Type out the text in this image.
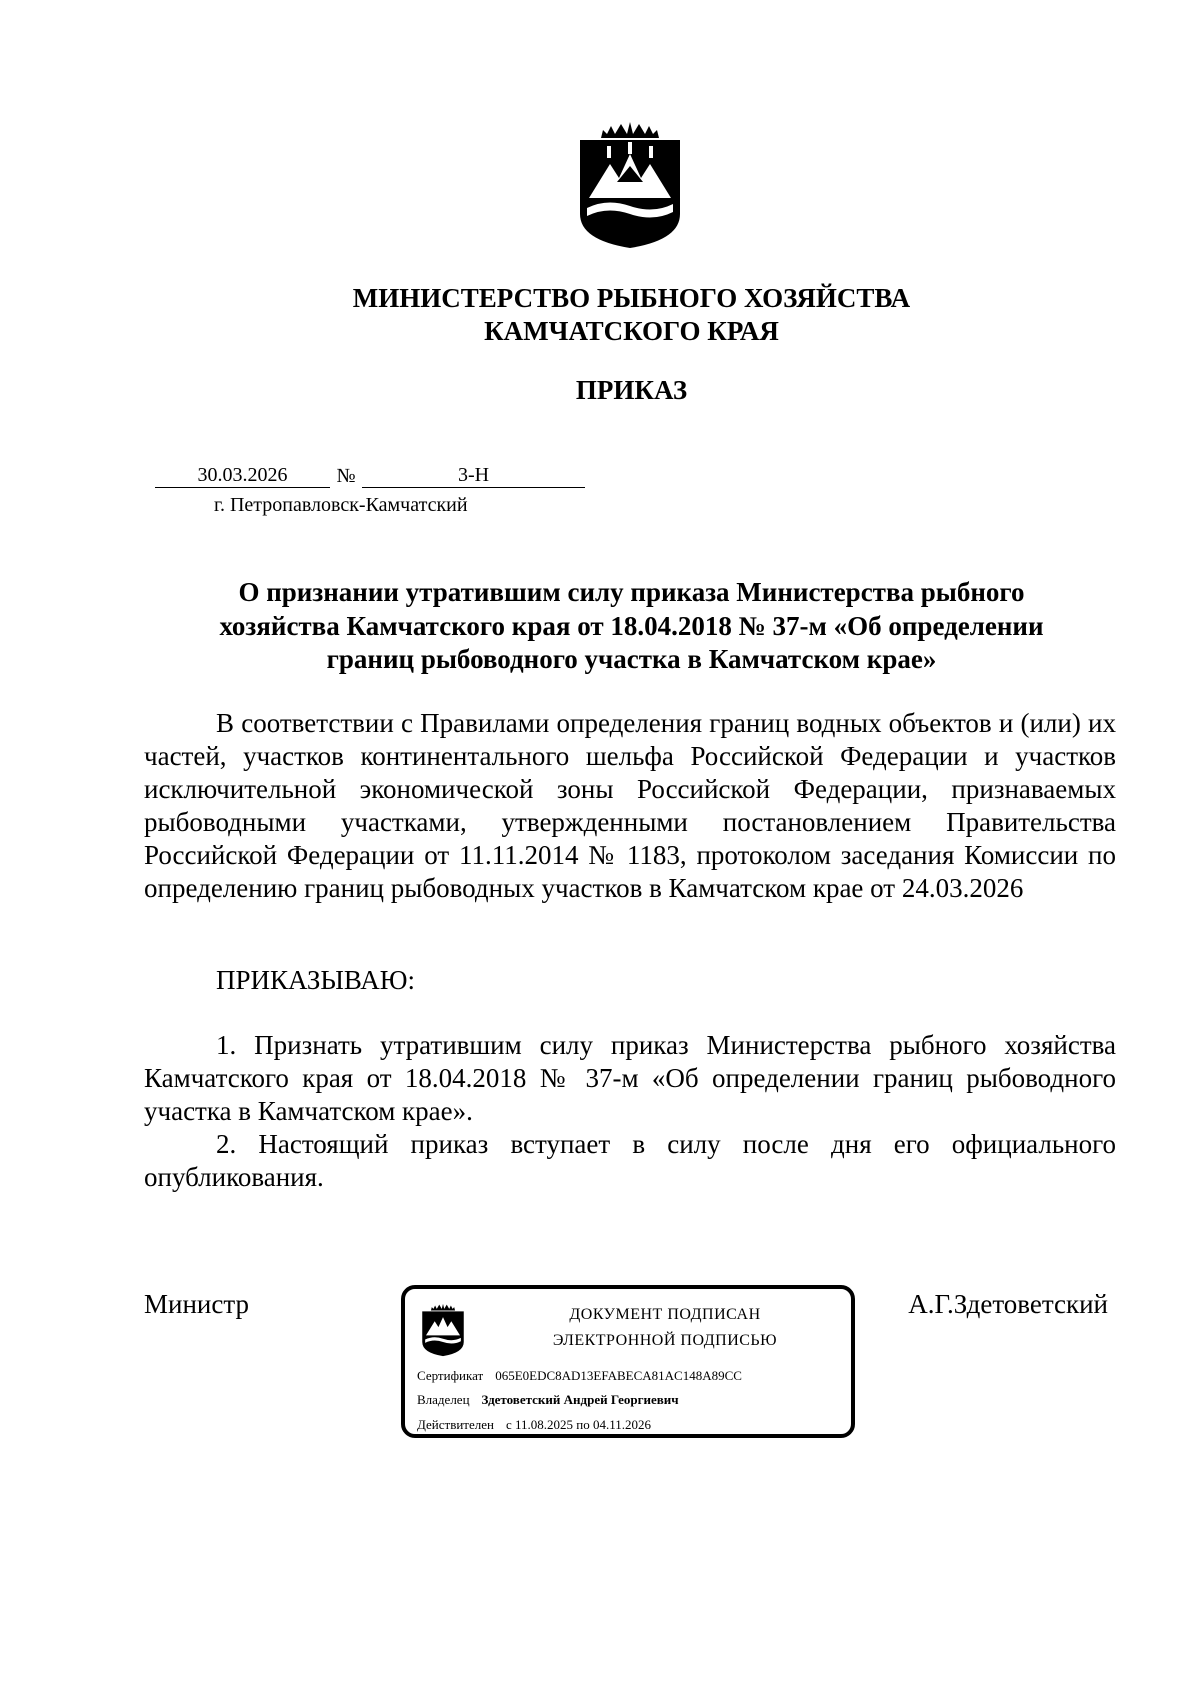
МИНИСТЕРСТВО РЫБНОГО ХОЗЯЙСТВА
КАМЧАТСКОГО КРАЯ
ПРИКАЗ
30.03.2026	№	3-Н
г. Петропавловск-Камчатский
О признании утратившим силу приказа Министерства рыбного
хозяйства Камчатского края от 18.04.2018 № 37-м «Об определении
границ рыбоводного участка в Камчатском крае»
В соответствии с Правилами определения границ водных объектов и (или) их частей, участков континентального шельфа Российской Федерации и участков исключительной экономической зоны Российской Федерации, признаваемых рыбоводными участками, утвержденными постановлением Правительства Российской Федерации от 11.11.2014 № 1183, протоколом заседания Комиссии по определению границ рыбоводных участков в Камчатском крае от 24.03.2026
ПРИКАЗЫВАЮ:
1. Признать утратившим силу приказ Министерства рыбного хозяйства Камчатского края от 18.04.2018 № 37-м «Об определении границ рыбоводного участка в Камчатском крае».
2. Настоящий приказ вступает в силу после дня его официального опубликования.
Министр	ДОКУМЕНТ ПОДПИСАН
ЭЛЕКТРОННОЙ ПОДПИСЬЮ
Сертификат 065E0EDC8AD13EFABECA81AC148A89CC
Владелец Здетоветский Андрей Георгиевич
Действителен с 11.08.2025 по 04.11.2026
А.Г.Здетоветский
